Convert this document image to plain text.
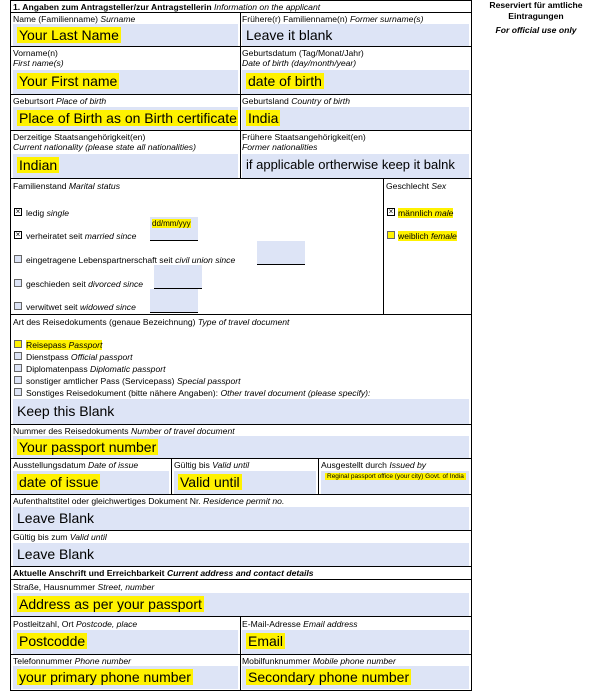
Reserviert für amtliche Eintragungen
For official use only
1. Angaben zum Antragsteller/zur Antragstellerin Information on the applicant
Name (Familienname) Surname
Your Last Name
Frühere(r) Familienname(n) Former surname(s)
Leave it blank
Vorname(n)
First name(s)
Your First name
Geburtsdatum (Tag/Monat/Jahr)
Date of birth (day/month/year)
date of birth
Geburtsort Place of birth
Place of Birth as on Birth certificate
Geburtsland Country of birth
India
Derzeitige Staatsangehörigkeit(en)
Current nationality (please state all nationalities)
Indian
Frühere Staatsangehörigkeit(en)
Former nationalities
if applicable ortherwise keep it balnk
Familienstand Marital status
× ledig single
× verheiratet seit married since
dd/mm/yyy
eingetragene Lebenspartnerschaft seit civil union since
geschieden seit divorced since
verwitwet seit widowed since
Geschlecht Sex
× männlich male
weiblich female
Art des Reisedokuments (genaue Bezeichnung) Type of travel document
Reisepass Passport
Dienstpass Official passport
Diplomatenpass Diplomatic passport
sonstiger amtlicher Pass (Servicepass) Special passport
Sonstiges Reisedokument (bitte nähere Angaben): Other travel document (please specify):
Keep this Blank
Nummer des Reisedokuments Number of travel document
Your passport number
Ausstellungsdatum Date of issue
date of issue
Gültig bis Valid until
Valid until
Ausgestellt durch Issued by
Reginal passport office (your city) Govt. of India
Aufenthaltstitel oder gleichwertiges Dokument Nr. Residence permit no.
Leave Blank
Gültig bis zum Valid until
Leave Blank
Aktuelle Anschrift und Erreichbarkeit Current address and contact details
Straße, Hausnummer Street, number
Address as per your passport
Postleitzahl, Ort Postcode, place
Postcodde
E-Mail-Adresse Email address
Email
Telefonnummer Phone number
your primary phone number
Mobilfunknummer Mobile phone number
Secondary phone number
